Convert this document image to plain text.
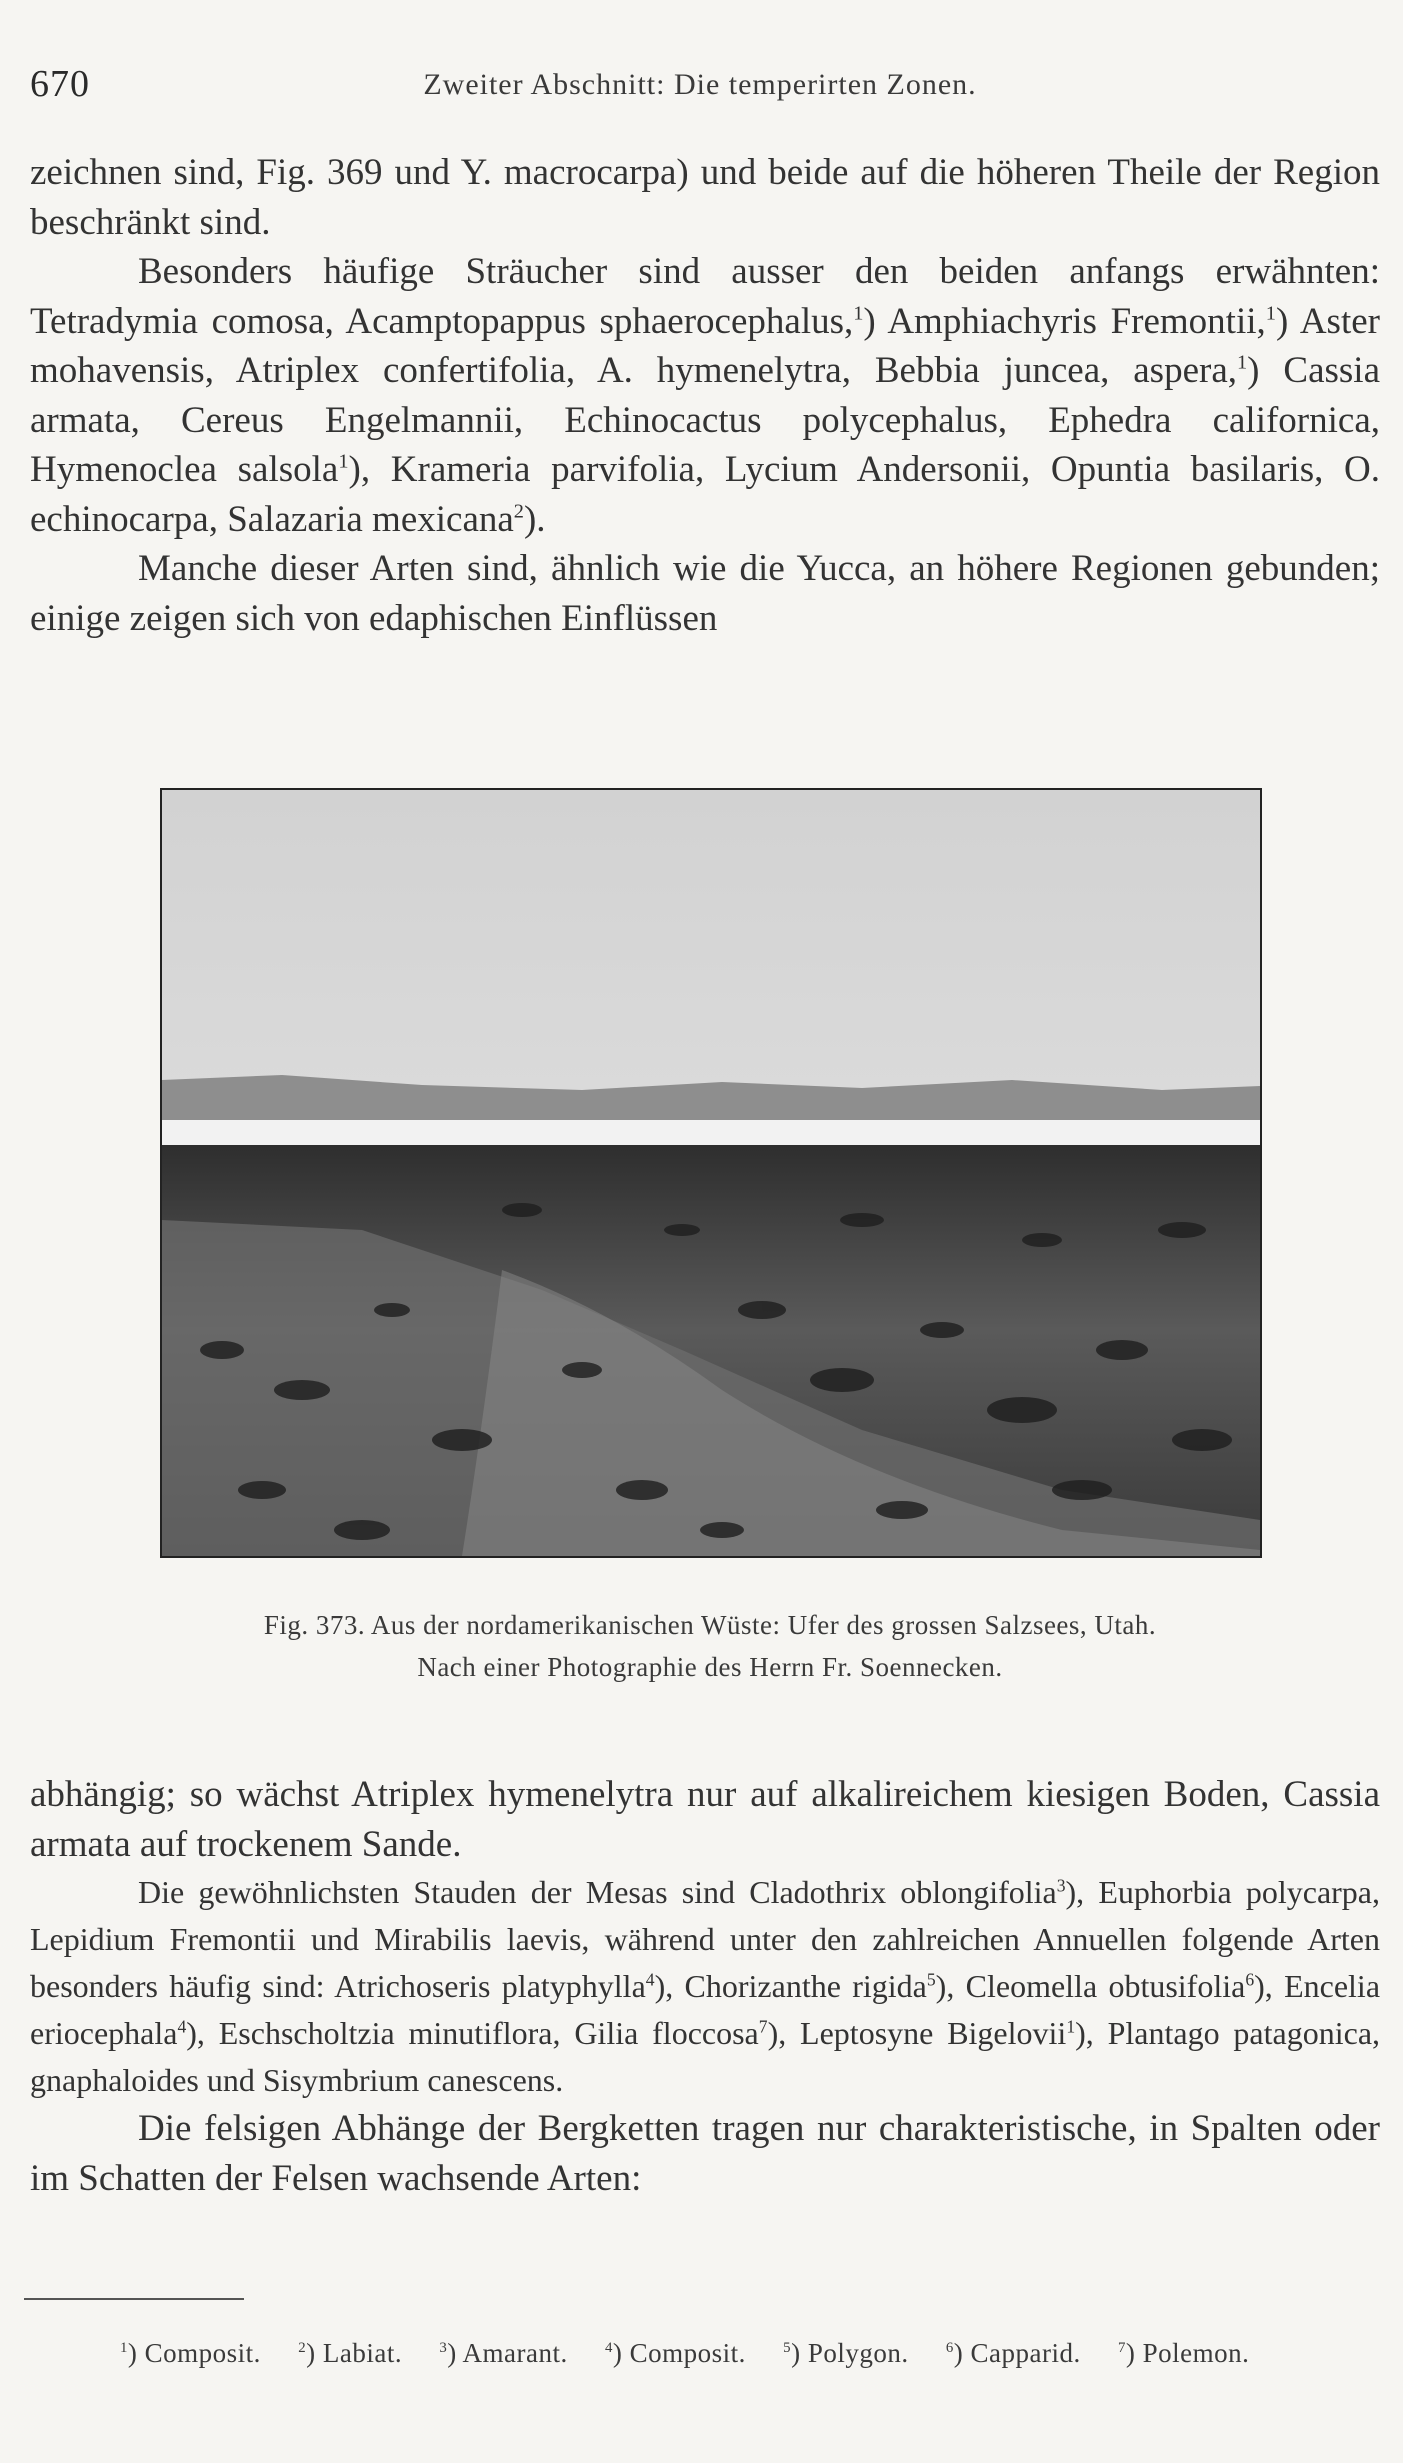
670	Zweiter Abschnitt: Die temperirten Zonen.

zeichnen sind, Fig. 369 und Y. macrocarpa) und beide auf die höheren Theile der Region beschränkt sind.

Besonders häufige Sträucher sind ausser den beiden anfangs erwähnten: Tetradymia comosa, Acamptopappus sphaerocephalus,$^1$) Amphiachyris Fremontii,$^1$) Aster mohavensis, Atriplex confertifolia, A. hymenelytra, Bebbia juncea, aspera,$^1$) Cassia armata, Cereus Engelmannii, Echinocactus polycephalus, Ephedra californica, Hymenoclea salsola$^1$), Krameria parvifolia, Lycium Andersonii, Opuntia basilaris, O. echinocarpa, Salazaria mexicana$^2$).

Manche dieser Arten sind, ähnlich wie die Yucca, an höhere Regionen gebunden; einige zeigen sich von edaphischen Einflüssen

Fig. 373. Aus der nordamerikanischen Wüste: Ufer des grossen Salzsees, Utah.
Nach einer Photographie des Herrn Fr. Soennecken.

abhängig; so wächst Atriplex hymenelytra nur auf alkalireichem kiesigen Boden, Cassia armata auf trockenem Sande.

Die gewöhnlichsten Stauden der Mesas sind Cladothrix oblongifolia$^3$), Euphorbia polycarpa, Lepidium Fremontii und Mirabilis laevis, während unter den zahlreichen Annuellen folgende Arten besonders häufig sind: Atrichoseris platyphylla$^4$), Chorizanthe rigida$^5$), Cleomella obtusifolia$^6$), Encelia eriocephala$^4$), Eschscholtzia minutiflora, Gilia floccosa$^7$), Leptosyne Bigelovii$^1$), Plantago patagonica, gnaphaloides und Sisymbrium canescens.

Die felsigen Abhänge der Bergketten tragen nur charakteristische, in Spalten oder im Schatten der Felsen wachsende Arten:

$^1$) Composit.	$^2$) Labiat.	$^3$) Amarant.	$^4$) Composit.	$^5$) Polygon.	$^6$) Capparid.	$^7$) Polemon.
